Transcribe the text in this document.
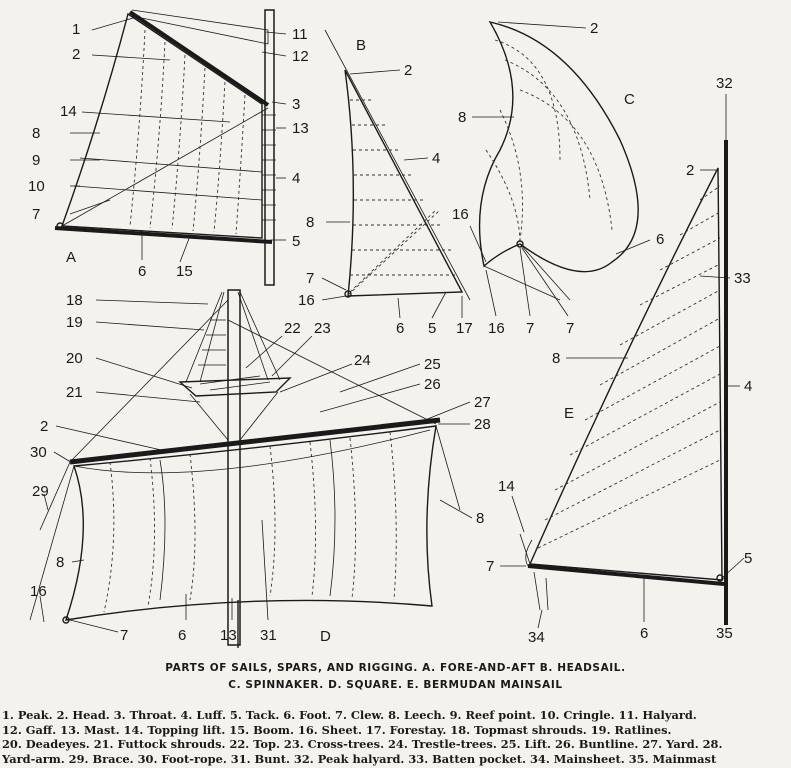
A
B
C
D
E
1
2
14
8
9
10
7
6 15
5
4
13
3
12
11
2
4
8
7
16
6 5 17
2
8
16
6
16 7 7
18
19
20
21
2
30
29
8
16
7	6 13 31
22 23
24	25
26
27
28
8
32
2
33
8
4
14
7	5
34	6	35
PARTS OF SAILS, SPARS, AND RIGGING. A. FORE-AND-AFT B. HEADSAIL.
C. SPINNAKER. D. SQUARE. E. BERMUDAN MAINSAIL
1. Peak. 2. Head. 3. Throat. 4. Luff. 5. Tack. 6. Foot. 7. Clew. 8. Leech. 9. Reef point. 10. Cringle. 11. Halyard.
12. Gaff. 13. Mast. 14. Topping lift. 15. Boom. 16. Sheet. 17. Forestay. 18. Topmast shrouds. 19. Ratlines.
20. Deadeyes. 21. Futtock shrouds. 22. Top. 23. Cross-trees. 24. Trestle-trees. 25. Lift. 26. Buntline. 27. Yard. 28.
Yard-arm. 29. Brace. 30. Foot-rope. 31. Bunt. 32. Peak halyard. 33. Batten pocket. 34. Mainsheet. 35. Mainmast
